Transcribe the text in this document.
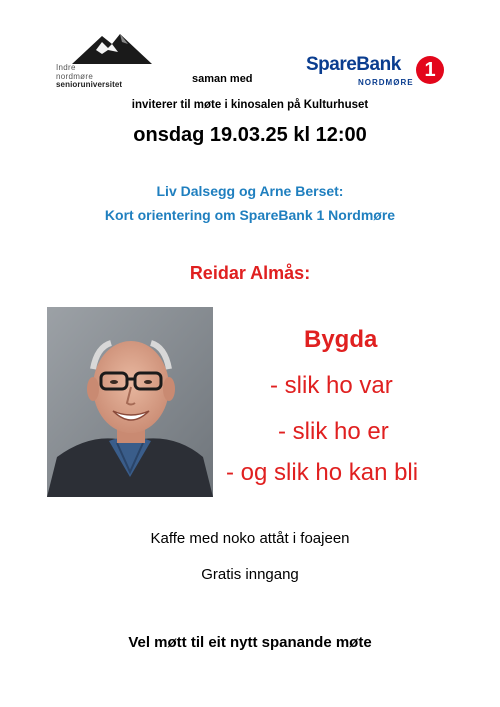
Indre
nordmøre
senioruniversitet	saman med
SpareBank
NORDMØRE
1
inviterer til møte i kinosalen på Kulturhuset
onsdag 19.03.25 kl 12:00
Liv Dalsegg og Arne Berset:
Kort orientering om SpareBank 1 Nordmøre
Reidar Almås:
Bygda
- slik ho var
- slik ho er
- og slik ho kan bli
Kaffe med noko attåt i foajeen
Gratis inngang
Vel møtt til eit nytt spanande møte
